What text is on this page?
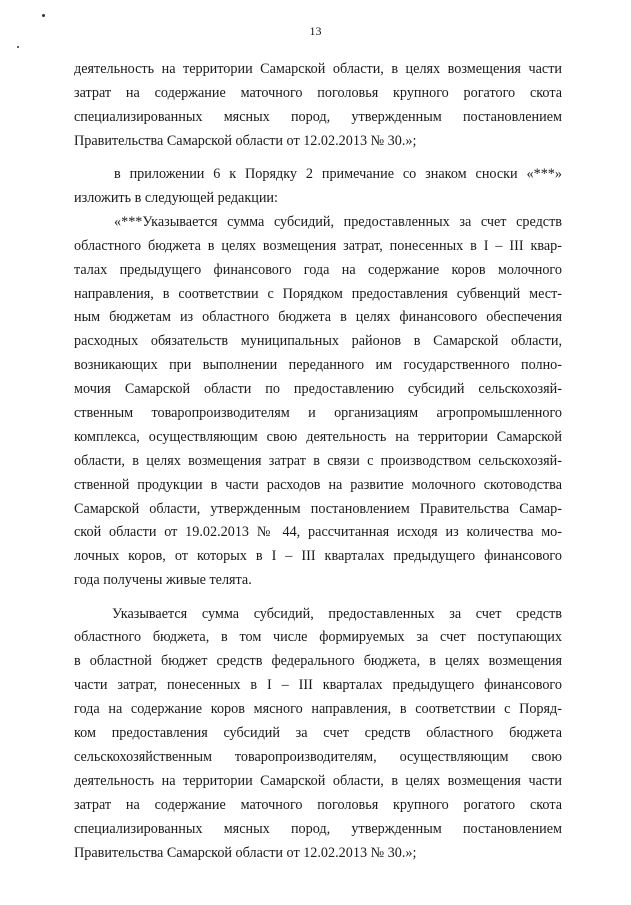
13
деятельность на территории Самарской области, в целях возмещения части
затрат на содержание маточного поголовья крупного рогатого скота
специализированных мясных пород, утвержденным постановлением
Правительства Самарской области от 12.02.2013 № 30.»;
в приложении 6 к Порядку 2 примечание со знаком сноски «***»
изложить в следующей редакции:
«***Указывается сумма субсидий, предоставленных за счет средств
областного бюджета в целях возмещения затрат, понесенных в I – III квар-
талах предыдущего финансового года на содержание коров молочного
направления, в соответствии с Порядком предоставления субвенций мест-
ным бюджетам из областного бюджета в целях финансового обеспечения
расходных обязательств муниципальных районов в Самарской области,
возникающих при выполнении переданного им государственного полно-
мочия Самарской области по предоставлению субсидий сельскохозяй-
ственным товаропроизводителям и организациям агропромышленного
комплекса, осуществляющим свою деятельность на территории Самарской
области, в целях возмещения затрат в связи с производством сельскохозяй-
ственной продукции в части расходов на развитие молочного скотоводства
Самарской области, утвержденным постановлением Правительства Самар-
ской области от 19.02.2013 № 44, рассчитанная исходя из количества мо-
лочных коров, от которых в I – III кварталах предыдущего финансового
года получены живые телята.
Указывается сумма субсидий, предоставленных за счет средств
областного бюджета, в том числе формируемых за счет поступающих
в областной бюджет средств федерального бюджета, в целях возмещения
части затрат, понесенных в I – III кварталах предыдущего финансового
года на содержание коров мясного направления, в соответствии с Поряд-
ком предоставления субсидий за счет средств областного бюджета
сельскохозяйственным товаропроизводителям, осуществляющим свою
деятельность на территории Самарской области, в целях возмещения части
затрат на содержание маточного поголовья крупного рогатого скота
специализированных мясных пород, утвержденным постановлением
Правительства Самарской области от 12.02.2013 № 30.»;
